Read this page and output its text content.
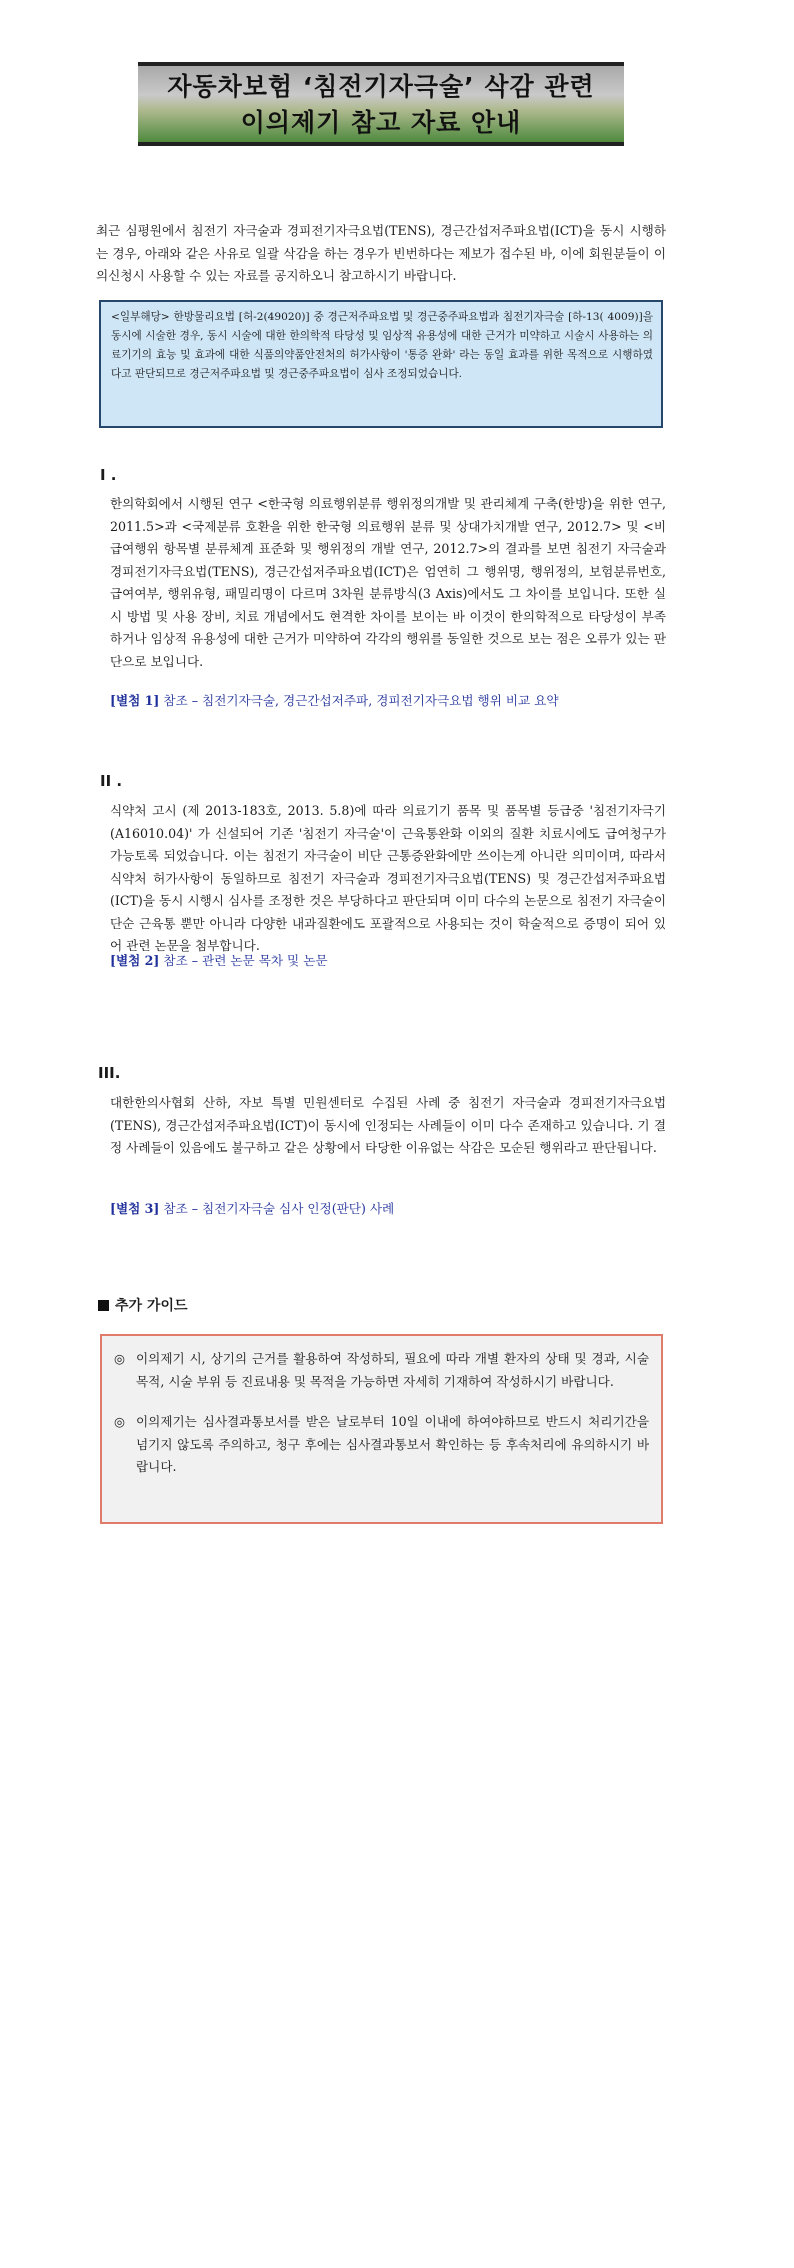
자동차보험 ‘침전기자극술’ 삭감 관련
이의제기 참고 자료 안내
최근 심평원에서 침전기 자극술과 경피전기자극요법(TENS), 경근간섭저주파요법(ICT)을 동시 시행하는 경우, 아래와 같은 사유로 일괄 삭감을 하는 경우가 빈번하다는 제보가 접수된 바, 이에 회원분들이 이의신청시 사용할 수 있는 자료를 공지하오니 참고하시기 바랍니다.
<일부해당> 한방물리요법 [허-2(49020)] 중 경근저주파요법 및 경근중주파요법과 침전기자극술 [하-13( 4009)]을 동시에 시술한 경우, 동시 시술에 대한 한의학적 타당성 및 임상적 유용성에 대한 근거가 미약하고 시술시 사용하는 의료기기의 효능 및 효과에 대한 식품의약품안전처의 허가사항이 '통증 완화' 라는 동일 효과를 위한 목적으로 시행하였다고 판단되므로 경근저주파요법 및 경근중주파요법이 심사 조정되었습니다.
I .
한의학회에서 시행된 연구 <한국형 의료행위분류 행위정의개발 및 관리체계 구축(한방)을 위한 연구, 2011.5>과 <국제분류 호환을 위한 한국형 의료행위 분류 및 상대가치개발 연구, 2012.7> 및 <비급여행위 항목별 분류체계 표준화 및 행위정의 개발 연구, 2012.7>의 결과를 보면 침전기 자극술과 경피전기자극요법(TENS), 경근간섭저주파요법(ICT)은 엄연히 그 행위명, 행위정의, 보험분류번호, 급여여부, 행위유형, 패밀리명이 다르며 3차원 분류방식(3 Axis)에서도 그 차이를 보입니다. 또한 실시 방법 및 사용 장비, 치료 개념에서도 현격한 차이를 보이는 바 이것이 한의학적으로 타당성이 부족하거나 임상적 유용성에 대한 근거가 미약하여 각각의 행위를 동일한 것으로 보는 점은 오류가 있는 판단으로 보입니다.
[별첨 1] 참조 – 침전기자극술, 경근간섭저주파, 경피전기자극요법 행위 비교 요약
II .
식약처 고시 (제 2013-183호, 2013. 5.8)에 따라 의료기기 품목 및 품목별 등급중 '침전기자극기(A16010.04)' 가 신설되어 기존 '침전기 자극술'이 근육통완화 이외의 질환 치료시에도 급여청구가 가능토록 되었습니다. 이는 침전기 자극술이 비단 근통증완화에만 쓰이는게 아니란 의미이며, 따라서 식약처 허가사항이 동일하므로 침전기 자극술과 경피전기자극요법(TENS) 및 경근간섭저주파요법(ICT)을 동시 시행시 심사를 조정한 것은 부당하다고 판단되며 이미 다수의 논문으로 침전기 자극술이 단순 근육통 뿐만 아니라 다양한 내과질환에도 포괄적으로 사용되는 것이 학술적으로 증명이 되어 있어 관련 논문을 첨부합니다.
[별첨 2] 참조 – 관련 논문 목차 및 논문
III.
대한한의사협회 산하, 자보 특별 민원센터로 수집된 사례 중 침전기 자극술과 경피전기자극요법(TENS), 경근간섭저주파요법(ICT)이 동시에 인정되는 사례들이 이미 다수 존재하고 있습니다. 기 결정 사례들이 있음에도 불구하고 같은 상황에서 타당한 이유없는 삭감은 모순된 행위라고 판단됩니다.
[별첨 3] 참조 – 침전기자극술 심사 인정(판단) 사례
추가 가이드
◎ 이의제기 시, 상기의 근거를 활용하여 작성하되, 필요에 따라 개별 환자의 상태 및 경과, 시술 목적, 시술 부위 등 진료내용 및 목적을 가능하면 자세히 기재하여 작성하시기 바랍니다.
◎ 이의제기는 심사결과통보서를 받은 날로부터 10일 이내에 하여야하므로 반드시 처리기간을 넘기지 않도록 주의하고, 청구 후에는 심사결과통보서 확인하는 등 후속처리에 유의하시기 바랍니다.
